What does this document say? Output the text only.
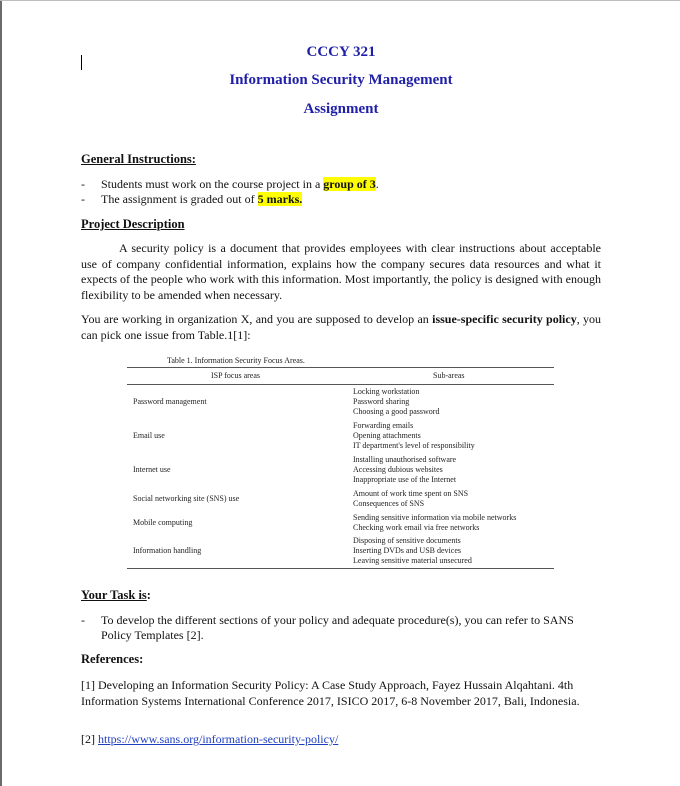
CCCY 321
Information Security Management
Assignment
General Instructions:
- Students must work on the course project in a group of 3.
- The assignment is graded out of 5 marks.
Project Description
A security policy is a document that provides employees with clear instructions about acceptable use of company confidential information, explains how the company secures data resources and what it expects of the people who work with this information. Most importantly, the policy is designed with enough flexibility to be amended when necessary.
You are working in organization X, and you are supposed to develop an issue-specific security policy, you can pick one issue from Table.1[1]:
Table 1. Information Security Focus Areas.
ISP focus areas	Sub-areas
Password management	Locking workstation
Password sharing
Choosing a good password

Email use	Forwarding emails
Opening attachments
IT department's level of responsibility

Internet use	Installing unauthorised software
Accessing dubious websites
Inappropriate use of the Internet

Social networking site (SNS) use	Amount of work time spent on SNS
Consequences of SNS

Mobile computing	Sending sensitive information via mobile networks
Checking work email via free networks

Information handling	Disposing of sensitive documents
Inserting DVDs and USB devices
Leaving sensitive material unsecured
Your Task is:
- To develop the different sections of your policy and adequate procedure(s), you can refer to SANS Policy Templates [2].
References:
[1] Developing an Information Security Policy: A Case Study Approach, Fayez Hussain Alqahtani. 4th Information Systems International Conference 2017, ISICO 2017, 6-8 November 2017, Bali, Indonesia.
[2] https://www.sans.org/information-security-policy/
